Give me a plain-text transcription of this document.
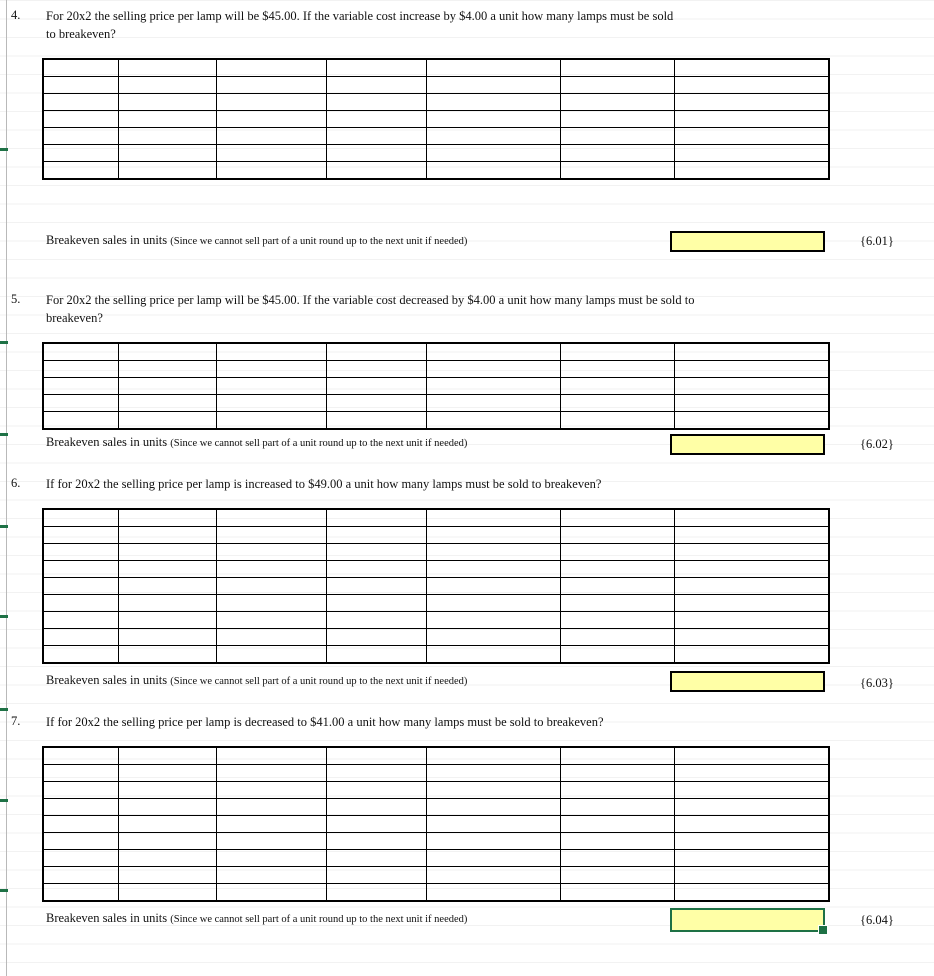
4. For 20x2 the selling price per lamp will be $45.00. If the variable cost increase by $4.00 a unit how many lamps must be sold to breakeven?

Breakeven sales in units (Since we cannot sell part of a unit round up to the next unit if needed)	{6.01}
5. For 20x2 the selling price per lamp will be $45.00. If the variable cost decreased by $4.00 a unit how many lamps must be sold to breakeven?

Breakeven sales in units (Since we cannot sell part of a unit round up to the next unit if needed)	{6.02}
6. If for 20x2 the selling price per lamp is increased to $49.00 a unit how many lamps must be sold to breakeven?

Breakeven sales in units (Since we cannot sell part of a unit round up to the next unit if needed)	{6.03}
7. If for 20x2 the selling price per lamp is decreased to $41.00 a unit how many lamps must be sold to breakeven?

Breakeven sales in units (Since we cannot sell part of a unit round up to the next unit if needed)	{6.04}
